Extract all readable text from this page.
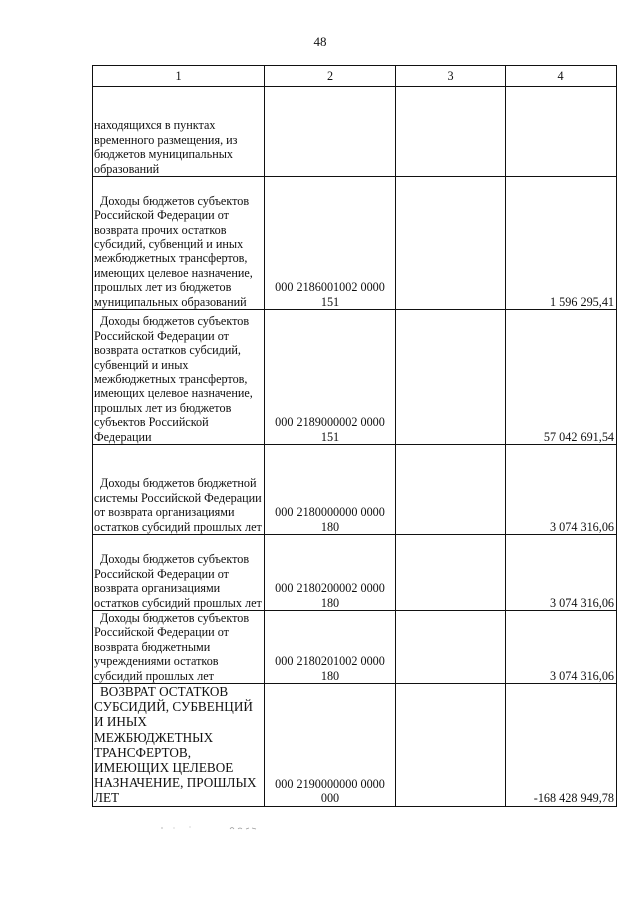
48
1	2	3	4

находящихся в пунктах временного размещения, из бюджетов муниципальных образований			

Доходы бюджетов субъектов Российской Федерации от возврата прочих остатков субсидий, субвенций и иных межбюджетных трансфертов, имеющих целевое назначение, прошлых лет из бюджетов муниципальных образований	000 2186001002 0000 151		1 596 295,41

Доходы бюджетов субъектов Российской Федерации от возврата остатков субсидий, субвенций и иных межбюджетных трансфертов, имеющих целевое назначение, прошлых лет из бюджетов субъектов Российской Федерации	000 2189000002 0000 151		57 042 691,54

Доходы бюджетов бюджетной системы Российской Федерации от возврата организациями остатков субсидий прошлых лет	000 2180000000 0000 180		3 074 316,06

Доходы бюджетов субъектов Российской Федерации от возврата организациями остатков субсидий прошлых лет	000 2180200002 0000 180		3 074 316,06

Доходы бюджетов субъектов Российской Федерации от возврата бюджетными учреждениями остатков субсидий прошлых лет	000 2180201002 0000 180		3 074 316,06

ВОЗВРАТ ОСТАТКОВ СУБСИДИЙ, СУБВЕНЦИЙ И ИНЫХ МЕЖБЮДЖЕТНЫХ ТРАНСФЕРТОВ, ИМЕЮЩИХ ЦЕЛЕВОЕ НАЗНАЧЕНИЕ, ПРОШЛЫХ ЛЕТ	000 2190000000 0000 000		-168 428 949,78
